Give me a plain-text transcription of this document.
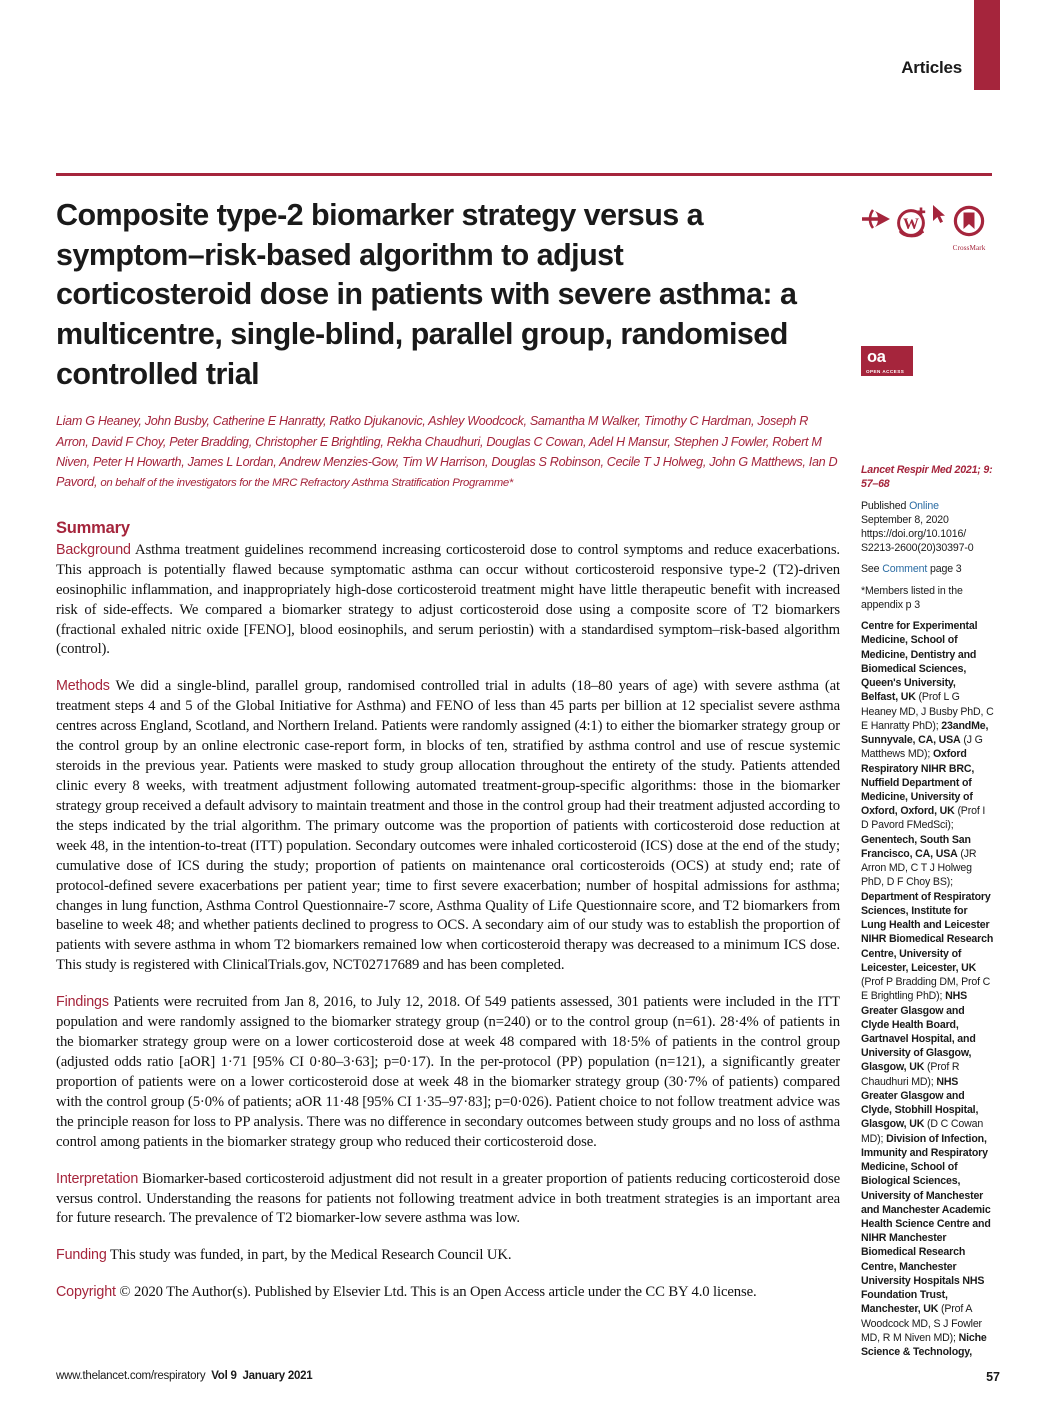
Articles
Composite type-2 biomarker strategy versus a symptom–risk-based algorithm to adjust corticosteroid dose in patients with severe asthma: a multicentre, single-blind, parallel group, randomised controlled trial
Liam G Heaney, John Busby, Catherine E Hanratty, Ratko Djukanovic, Ashley Woodcock, Samantha M Walker, Timothy C Hardman, Joseph R Arron, David F Choy, Peter Bradding, Christopher E Brightling, Rekha Chaudhuri, Douglas C Cowan, Adel H Mansur, Stephen J Fowler, Robert M Niven, Peter H Howarth, James L Lordan, Andrew Menzies-Gow, Tim W Harrison, Douglas S Robinson, Cecile T J Holweg, John G Matthews, Ian D Pavord, on behalf of the investigators for the MRC Refractory Asthma Stratification Programme*
Summary

Background Asthma treatment guidelines recommend increasing corticosteroid dose to control symptoms and reduce exacerbations. This approach is potentially flawed because symptomatic asthma can occur without corticosteroid responsive type-2 (T2)-driven eosinophilic inflammation, and inappropriately high-dose corticosteroid treatment might have little therapeutic benefit with increased risk of side-effects. We compared a biomarker strategy to adjust corticosteroid dose using a composite score of T2 biomarkers (fractional exhaled nitric oxide [FENO], blood eosinophils, and serum periostin) with a standardised symptom–risk-based algorithm (control).

Methods We did a single-blind, parallel group, randomised controlled trial in adults (18–80 years of age) with severe asthma (at treatment steps 4 and 5 of the Global Initiative for Asthma) and FENO of less than 45 parts per billion at 12 specialist severe asthma centres across England, Scotland, and Northern Ireland. Patients were randomly assigned (4:1) to either the biomarker strategy group or the control group by an online electronic case-report form, in blocks of ten, stratified by asthma control and use of rescue systemic steroids in the previous year. Patients were masked to study group allocation throughout the entirety of the study. Patients attended clinic every 8 weeks, with treatment adjustment following automated treatment-group-specific algorithms: those in the biomarker strategy group received a default advisory to maintain treatment and those in the control group had their treatment adjusted according to the steps indicated by the trial algorithm. The primary outcome was the proportion of patients with corticosteroid dose reduction at week 48, in the intention-to-treat (ITT) population. Secondary outcomes were inhaled corticosteroid (ICS) dose at the end of the study; cumulative dose of ICS during the study; proportion of patients on maintenance oral corticosteroids (OCS) at study end; rate of protocol-defined severe exacerbations per patient year; time to first severe exacerbation; number of hospital admissions for asthma; changes in lung function, Asthma Control Questionnaire-7 score, Asthma Quality of Life Questionnaire score, and T2 biomarkers from baseline to week 48; and whether patients declined to progress to OCS. A secondary aim of our study was to establish the proportion of patients with severe asthma in whom T2 biomarkers remained low when corticosteroid therapy was decreased to a minimum ICS dose. This study is registered with ClinicalTrials.gov, NCT02717689 and has been completed.

Findings Patients were recruited from Jan 8, 2016, to July 12, 2018. Of 549 patients assessed, 301 patients were included in the ITT population and were randomly assigned to the biomarker strategy group (n=240) or to the control group (n=61). 28·4% of patients in the biomarker strategy group were on a lower corticosteroid dose at week 48 compared with 18·5% of patients in the control group (adjusted odds ratio [aOR] 1·71 [95% CI 0·80–3·63]; p=0·17). In the per-protocol (PP) population (n=121), a significantly greater proportion of patients were on a lower corticosteroid dose at week 48 in the biomarker strategy group (30·7% of patients) compared with the control group (5·0% of patients; aOR 11·48 [95% CI 1·35–97·83]; p=0·026). Patient choice to not follow treatment advice was the principle reason for loss to PP analysis. There was no difference in secondary outcomes between study groups and no loss of asthma control among patients in the biomarker strategy group who reduced their corticosteroid dose.

Interpretation Biomarker-based corticosteroid adjustment did not result in a greater proportion of patients reducing corticosteroid dose versus control. Understanding the reasons for patients not following treatment advice in both treatment strategies is an important area for future research. The prevalence of T2 biomarker-low severe asthma was low.

Funding This study was funded, in part, by the Medical Research Council UK.

Copyright © 2020 The Author(s). Published by Elsevier Ltd. This is an Open Access article under the CC BY 4.0 license.

W
CrossMark
oa
OPEN ACCESS
Lancet Respir Med 2021; 9: 57–68

Published Online
September 8, 2020
https://doi.org/10.1016/
S2213-2600(20)30397-0

See Comment page 3

*Members listed in the appendix p 3

Centre for Experimental Medicine, School of Medicine, Dentistry and Biomedical Sciences, Queen's University, Belfast, UK (Prof L G Heaney MD, J Busby PhD, C E Hanratty PhD); 23andMe, Sunnyvale, CA, USA (J G Matthews MD); Oxford Respiratory NIHR BRC, Nuffield Department of Medicine, University of Oxford, Oxford, UK (Prof I D Pavord FMedSci); Genentech, South San Francisco, CA, USA (JR Arron MD, C T J Holweg PhD, D F Choy BS); Department of Respiratory Sciences, Institute for Lung Health and Leicester NIHR Biomedical Research Centre, University of Leicester, Leicester, UK (Prof P Bradding DM, Prof C E Brightling PhD); NHS Greater Glasgow and Clyde Health Board, Gartnavel Hospital, and University of Glasgow, Glasgow, UK (Prof R Chaudhuri MD); NHS Greater Glasgow and Clyde, Stobhill Hospital, Glasgow, UK (D C Cowan MD); Division of Infection, Immunity and Respiratory Medicine, School of Biological Sciences, University of Manchester and Manchester Academic Health Science Centre and NIHR Manchester Biomedical Research Centre, Manchester University Hospitals NHS Foundation Trust, Manchester, UK (Prof A Woodcock MD, S J Fowler MD, R M Niven MD); Niche Science & Technology,

www.thelancet.com/respiratory Vol 9 January 2021	57
